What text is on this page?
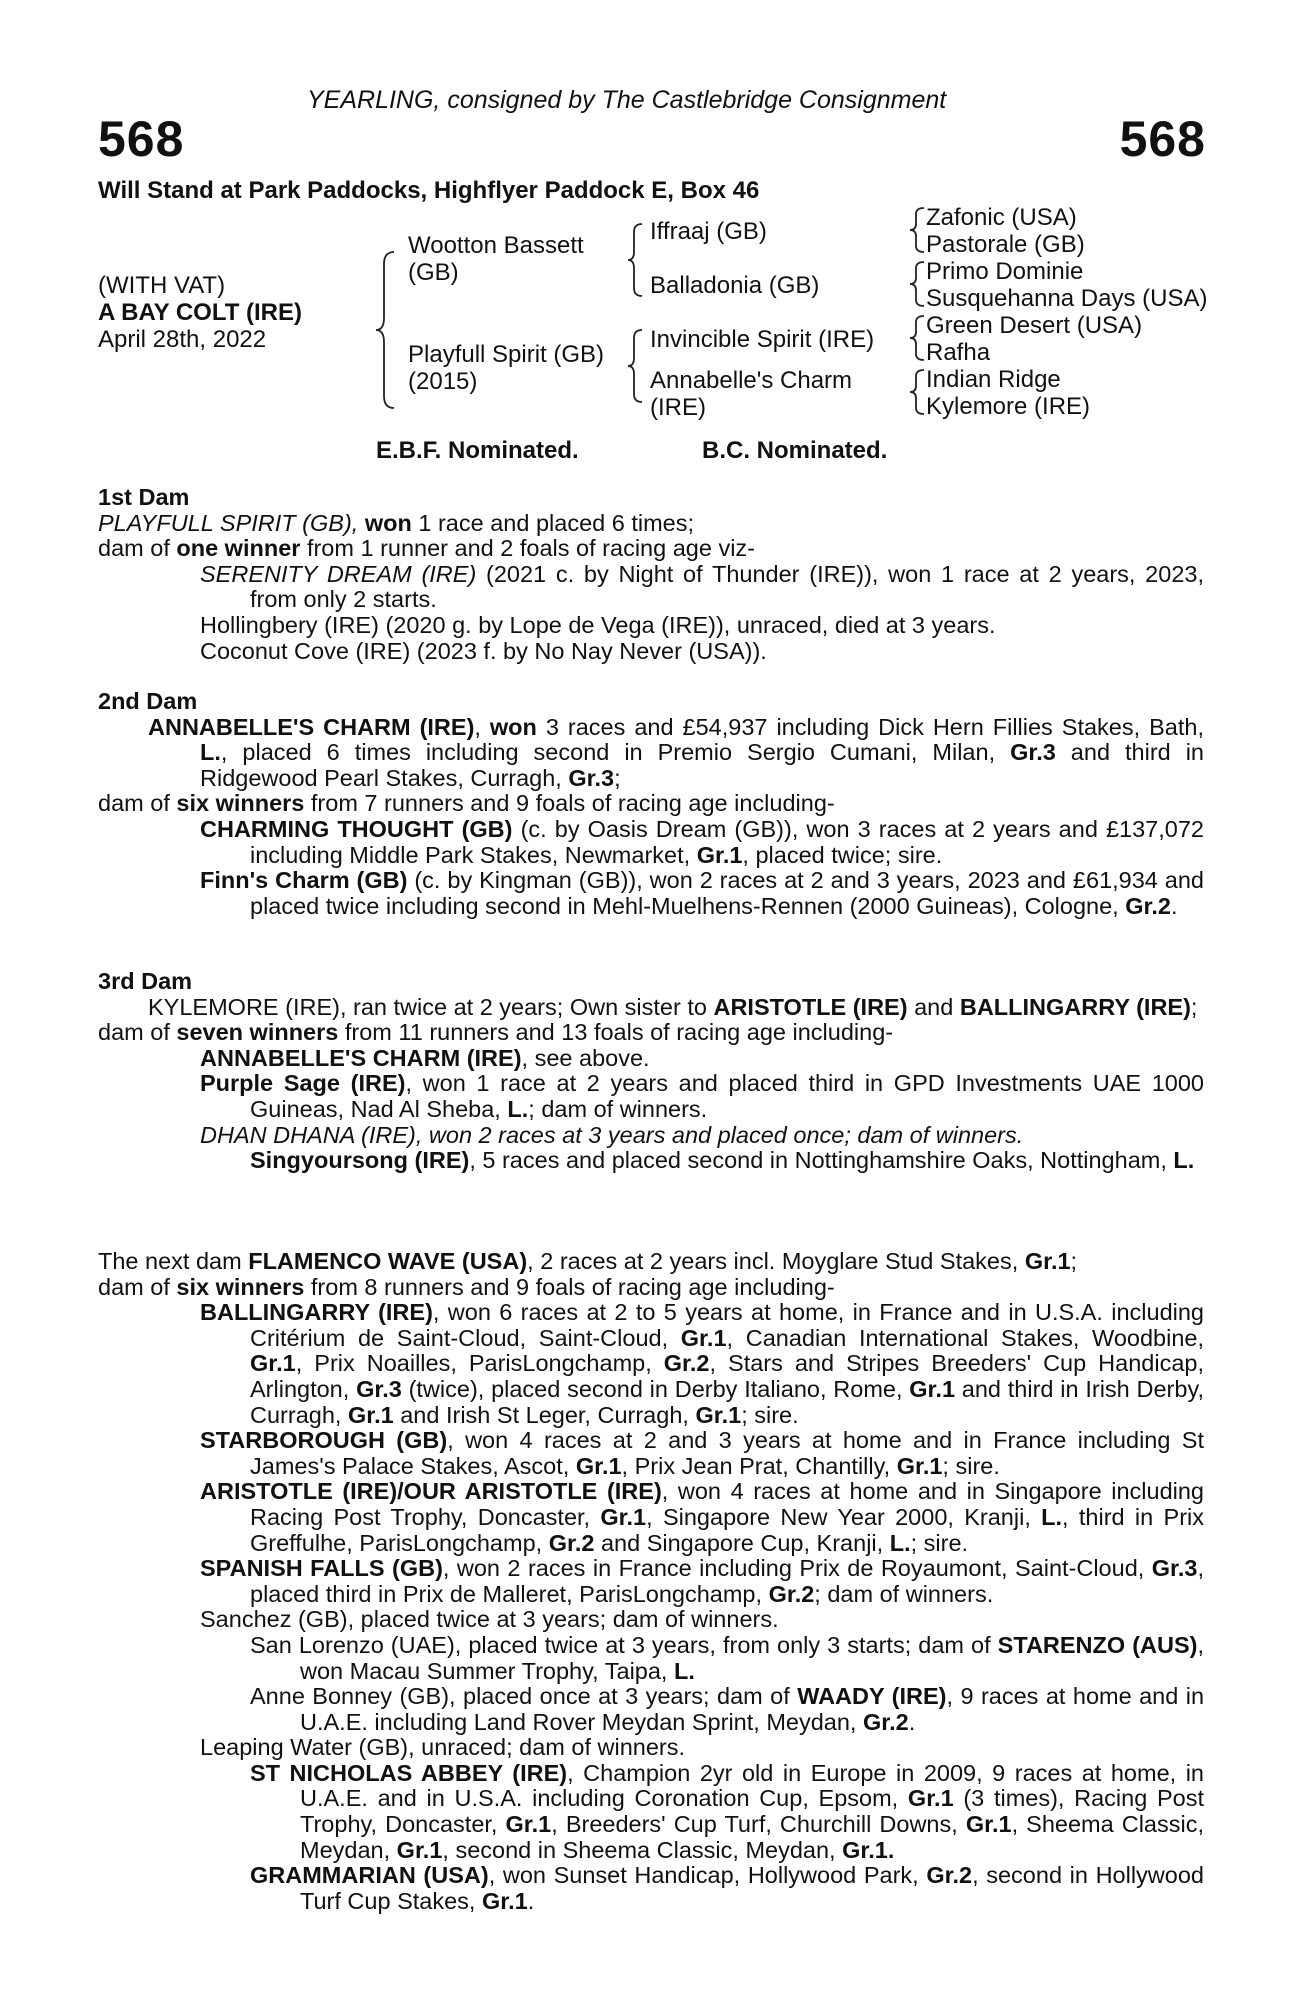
YEARLING, consigned by The Castlebridge Consignment
568	568
Will Stand at Park Paddocks, Highflyer Paddock E, Box 46
(WITH VAT)
A BAY COLT (IRE)
April 28th, 2022
Wootton Bassett
(GB)
Playfull Spirit (GB)
(2015)
Iffraaj (GB)
Balladonia (GB)
Invincible Spirit (IRE)
Annabelle's Charm
(IRE)
Zafonic (USA)
Pastorale (GB)
Primo Dominie
Susquehanna Days (USA)
Green Desert (USA)
Rafha
Indian Ridge
Kylemore (IRE)
E.B.F. Nominated.	B.C. Nominated.
1st Dam

PLAYFULL SPIRIT (GB), won 1 race and placed 6 times;

dam of one winner from 1 runner and 2 foals of racing age viz-

SERENITY DREAM (IRE) (2021 c. by Night of Thunder (IRE)), won 1 race at 2 years, 2023, from only 2 starts.

Hollingbery (IRE) (2020 g. by Lope de Vega (IRE)), unraced, died at 3 years.

Coconut Cove (IRE) (2023 f. by No Nay Never (USA)).

2nd Dam

ANNABELLE'S CHARM (IRE), won 3 races and £54,937 including Dick Hern Fillies Stakes, Bath, L., placed 6 times including second in Premio Sergio Cumani, Milan, Gr.3 and third in Ridgewood Pearl Stakes, Curragh, Gr.3;

dam of six winners from 7 runners and 9 foals of racing age including-

CHARMING THOUGHT (GB) (c. by Oasis Dream (GB)), won 3 races at 2 years and £137,072 including Middle Park Stakes, Newmarket, Gr.1, placed twice; sire.

Finn's Charm (GB) (c. by Kingman (GB)), won 2 races at 2 and 3 years, 2023 and £61,934 and placed twice including second in Mehl-Muelhens-Rennen (2000 Guineas), Cologne, Gr.2.

3rd Dam

KYLEMORE (IRE), ran twice at 2 years; Own sister to ARISTOTLE (IRE) and BALLINGARRY (IRE);

dam of seven winners from 11 runners and 13 foals of racing age including-

ANNABELLE'S CHARM (IRE), see above.

Purple Sage (IRE), won 1 race at 2 years and placed third in GPD Investments UAE 1000 Guineas, Nad Al Sheba, L.; dam of winners.

DHAN DHANA (IRE), won 2 races at 3 years and placed once; dam of winners.

Singyoursong (IRE), 5 races and placed second in Nottinghamshire Oaks, Nottingham, L.

The next dam FLAMENCO WAVE (USA), 2 races at 2 years incl. Moyglare Stud Stakes, Gr.1;

dam of six winners from 8 runners and 9 foals of racing age including-

BALLINGARRY (IRE), won 6 races at 2 to 5 years at home, in France and in U.S.A. including Critérium de Saint-Cloud, Saint-Cloud, Gr.1, Canadian International Stakes, Woodbine, Gr.1, Prix Noailles, ParisLongchamp, Gr.2, Stars and Stripes Breeders' Cup Handicap, Arlington, Gr.3 (twice), placed second in Derby Italiano, Rome, Gr.1 and third in Irish Derby, Curragh, Gr.1 and Irish St Leger, Curragh, Gr.1; sire.

STARBOROUGH (GB), won 4 races at 2 and 3 years at home and in France including St James's Palace Stakes, Ascot, Gr.1, Prix Jean Prat, Chantilly, Gr.1; sire.

ARISTOTLE (IRE)/OUR ARISTOTLE (IRE), won 4 races at home and in Singapore including Racing Post Trophy, Doncaster, Gr.1, Singapore New Year 2000, Kranji, L., third in Prix Greffulhe, ParisLongchamp, Gr.2 and Singapore Cup, Kranji, L.; sire.

SPANISH FALLS (GB), won 2 races in France including Prix de Royaumont, Saint-Cloud, Gr.3, placed third in Prix de Malleret, ParisLongchamp, Gr.2; dam of winners.

Sanchez (GB), placed twice at 3 years; dam of winners.

San Lorenzo (UAE), placed twice at 3 years, from only 3 starts; dam of STARENZO (AUS), won Macau Summer Trophy, Taipa, L.

Anne Bonney (GB), placed once at 3 years; dam of WAADY (IRE), 9 races at home and in U.A.E. including Land Rover Meydan Sprint, Meydan, Gr.2.

Leaping Water (GB), unraced; dam of winners.

ST NICHOLAS ABBEY (IRE), Champion 2yr old in Europe in 2009, 9 races at home, in U.A.E. and in U.S.A. including Coronation Cup, Epsom, Gr.1 (3 times), Racing Post Trophy, Doncaster, Gr.1, Breeders' Cup Turf, Churchill Downs, Gr.1, Sheema Classic, Meydan, Gr.1, second in Sheema Classic, Meydan, Gr.1.

GRAMMARIAN (USA), won Sunset Handicap, Hollywood Park, Gr.2, second in Hollywood Turf Cup Stakes, Gr.1.
